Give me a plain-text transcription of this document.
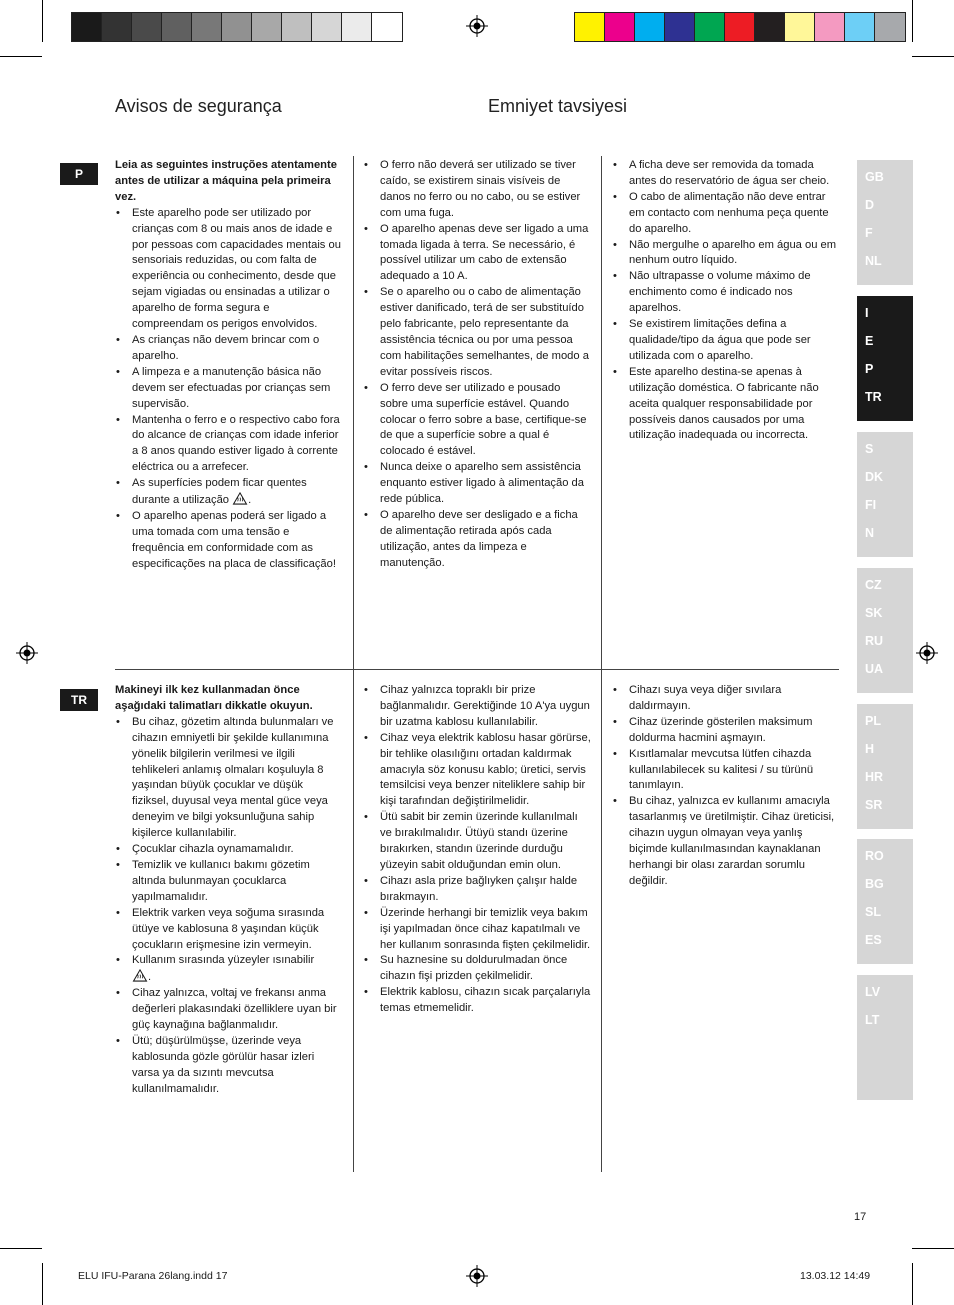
Avisos de segurança	Emniyet tavsiyesi
P
TR
Leia as seguintes instruções atentamente antes de utilizar a máquina pela primeira vez.
• Este aparelho pode ser utilizado por crianças com 8 ou mais anos de idade e por pessoas com capacidades mentais ou sensoriais reduzidas, ou com falta de experiência ou conhecimento, desde que sejam vigiadas ou ensinadas a utilizar o aparelho de forma segura e compreendam os perigos envolvidos.
• As crianças não devem brincar com o aparelho.
• A limpeza e a manutenção básica não devem ser efectuadas por crianças sem supervisão.
• Mantenha o ferro e o respectivo cabo fora do alcance de crianças com idade inferior a 8 anos quando estiver ligado à corrente eléctrica ou a arrefecer.
• As superfícies podem ficar quentes durante a utilização .
• O aparelho apenas poderá ser ligado a uma tomada com uma tensão e frequência em conformidade com as especificações na placa de classificação!
• O ferro não deverá ser utilizado se tiver caído, se existirem sinais visíveis de danos no ferro ou no cabo, ou se estiver com uma fuga.
• O aparelho apenas deve ser ligado a uma tomada ligada à terra. Se necessário, é possível utilizar um cabo de extensão adequado a 10 A.
• Se o aparelho ou o cabo de alimentação estiver danificado, terá de ser substituído pelo fabricante, pelo representante da assistência técnica ou por uma pessoa com habilitações semelhantes, de modo a evitar possíveis riscos.
• O ferro deve ser utilizado e pousado sobre uma superfície estável. Quando colocar o ferro sobre a base, certifique-se de que a superfície sobre a qual é colocado é estável.
• Nunca deixe o aparelho sem assistência enquanto estiver ligado à alimentação da rede pública.
• O aparelho deve ser desligado e a ficha de alimentação retirada após cada utilização, antes da limpeza e manutenção.
• A ficha deve ser removida da tomada antes do reservatório de água ser cheio.
• O cabo de alimentação não deve entrar em contacto com nenhuma peça quente do aparelho.
• Não mergulhe o aparelho em água ou em nenhum outro líquido.
• Não ultrapasse o volume máximo de enchimento como é indicado nos aparelhos.
• Se existirem limitações defina a qualidade/tipo da água que pode ser utilizada com o aparelho.
• Este aparelho destina-se apenas à utilização doméstica. O fabricante não aceita qualquer responsabilidade por possíveis danos causados por uma utilização inadequada ou incorrecta.
Makineyi ilk kez kullanmadan önce aşağıdaki talimatları dikkatle okuyun.
• Bu cihaz, gözetim altında bulunmaları ve cihazın emniyetli bir şekilde kullanımına yönelik bilgilerin verilmesi ve ilgili tehlikeleri anlamış olmaları koşuluyla 8 yaşından büyük çocuklar ve düşük fiziksel, duyusal veya mental güce veya deneyim ve bilgi yoksunluğuna sahip kişilerce kullanılabilir.
• Çocuklar cihazla oynamamalıdır.
• Temizlik ve kullanıcı bakımı gözetim altında bulunmayan çocuklarca yapılmamalıdır.
• Elektrik varken veya soğuma sırasında ütüye ve kablosuna 8 yaşından küçük çocukların erişmesine izin vermeyin.
• Kullanım sırasında yüzeyler ısınabilir
.
• Cihaz yalnızca, voltaj ve frekansı anma değerleri plakasındaki özelliklere uyan bir güç kaynağına bağlanmalıdır.
• Ütü; düşürülmüşse, üzerinde veya kablosunda gözle görülür hasar izleri varsa ya da sızıntı mevcutsa kullanılmamalıdır.
• Cihaz yalnızca topraklı bir prize bağlanmalıdır. Gerektiğinde 10 A'ya uygun bir uzatma kablosu kullanılabilir.
• Cihaz veya elektrik kablosu hasar görürse, bir tehlike olasılığını ortadan kaldırmak amacıyla söz konusu kablo; üretici, servis temsilcisi veya benzer niteliklere sahip bir kişi tarafından değiştirilmelidir.
• Ütü sabit bir zemin üzerinde kullanılmalı ve bırakılmalıdır. Ütüyü standı üzerine bırakırken, standın üzerinde durduğu yüzeyin sabit olduğundan emin olun.
• Cihazı asla prize bağlıyken çalışır halde bırakmayın.
• Üzerinde herhangi bir temizlik veya bakım işi yapılmadan önce cihaz kapatılmalı ve her kullanım sonrasında fişten çekilmelidir.
• Su haznesine su doldurulmadan önce cihazın fişi prizden çekilmelidir.
• Elektrik kablosu, cihazın sıcak parçalarıyla temas etmemelidir.
• Cihazı suya veya diğer sıvılara daldırmayın.
• Cihaz üzerinde gösterilen maksimum doldurma hacmini aşmayın.
• Kısıtlamalar mevcutsa lütfen cihazda kullanılabilecek su kalitesi / su türünü tanımlayın.
• Bu cihaz, yalnızca ev kullanımı amacıyla tasarlanmış ve üretilmiştir. Cihaz üreticisi, cihazın uygun olmayan veya yanlış biçimde kullanılmasından kaynaklanan herhangi bir olası zarardan sorumlu değildir.
GB
D
F
NL
I
E
P
TR
S
DK
FI
N
CZ
SK
RU
UA
PL
H
HR
SR
RO
BG
SL
ES
LV
LT
17
ELU IFU-Parana 26lang.indd 17	13.03.12 14:49
